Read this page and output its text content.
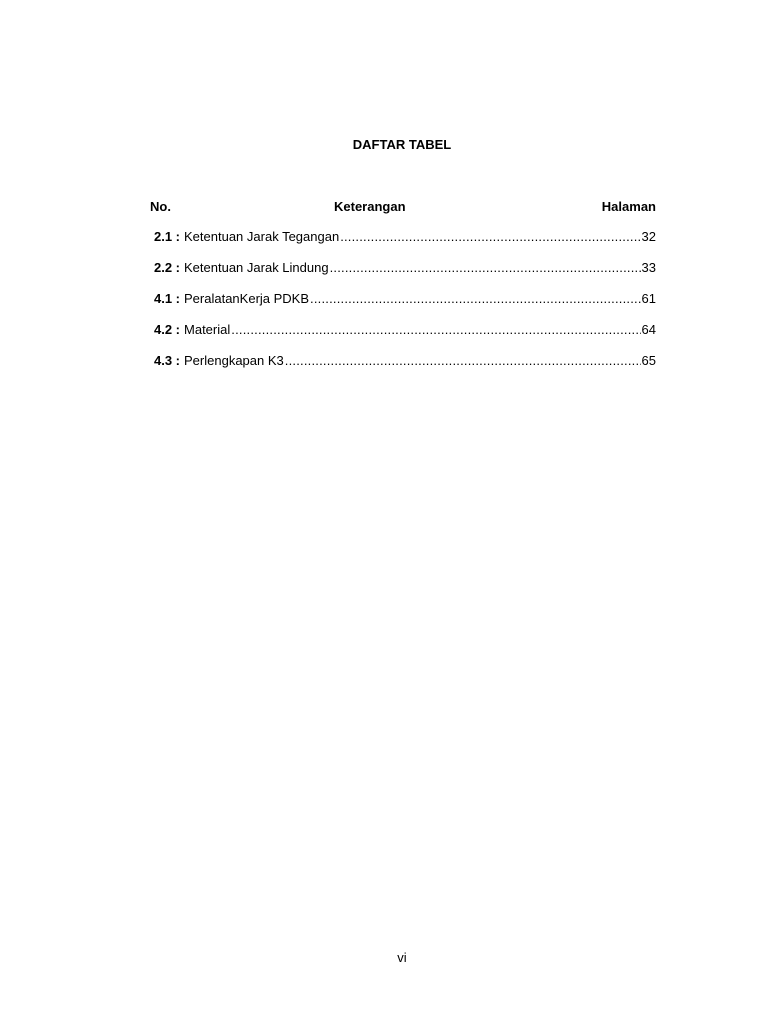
DAFTAR TABEL
No.	Keterangan	Halaman
2.1 : Ketentuan Jarak Tegangan .....	32
2.2 : Ketentuan Jarak Lindung .....	33
4.1 : PeralatanKerja PDKB .....	61
4.2 : Material .....	64
4.3 : Perlengkapan K3 .....	65
vi
